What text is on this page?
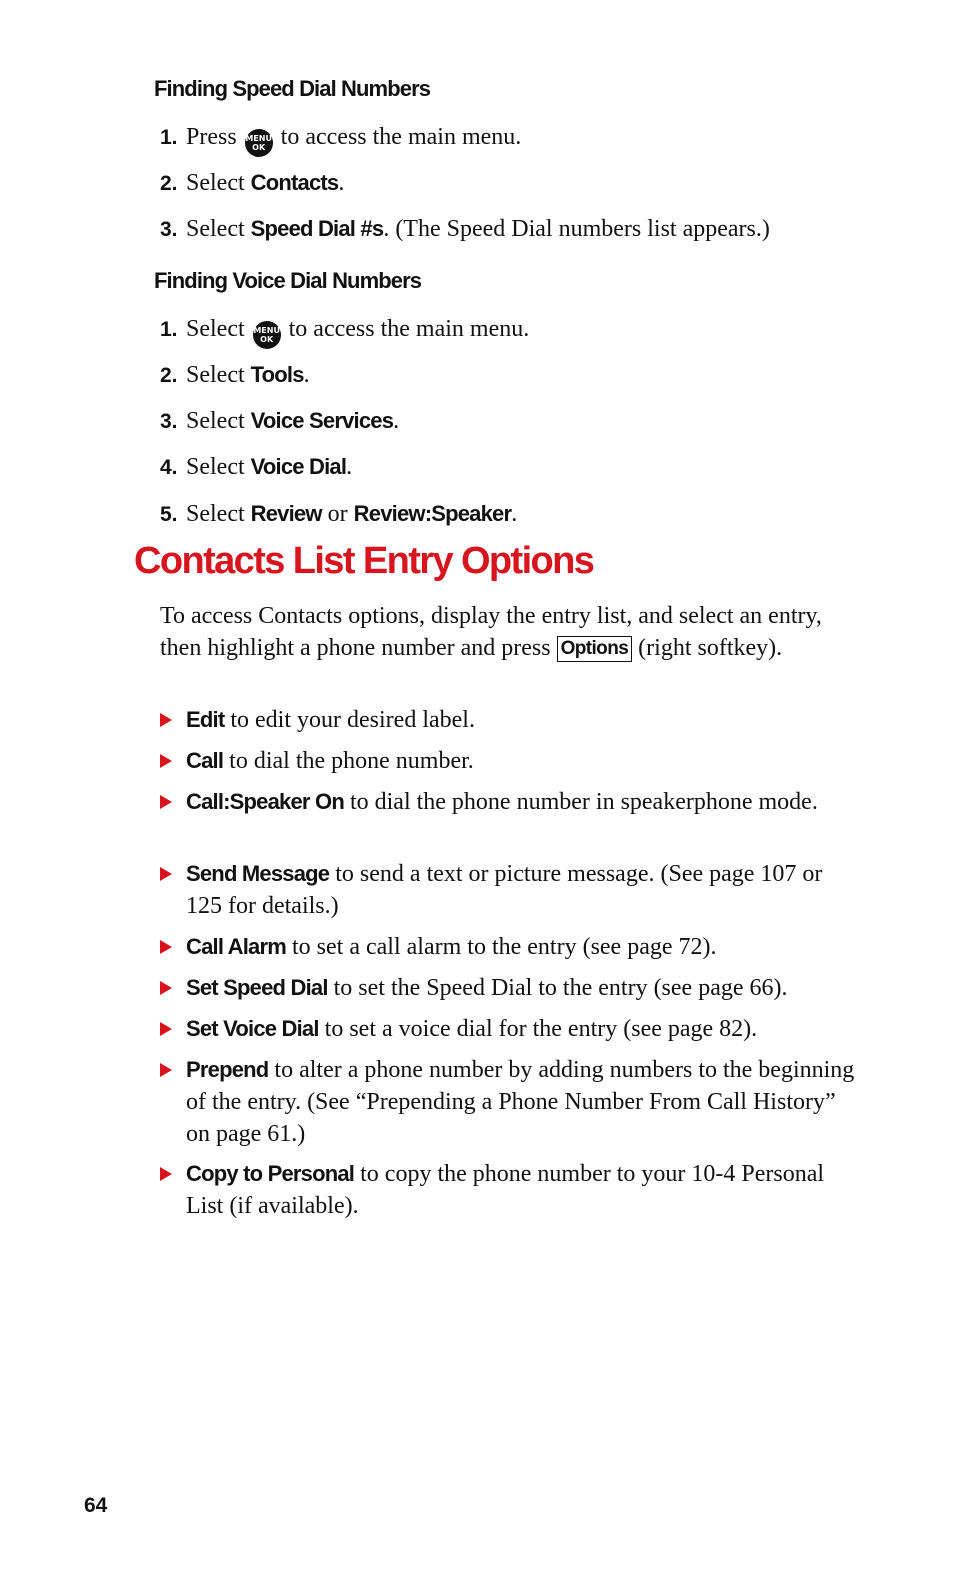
Finding Speed Dial Numbers

1. Press MENU
OK to access the main menu.

2. Select Contacts.

3. Select Speed Dial #s. (The Speed Dial numbers list appears.)

Finding Voice Dial Numbers

1. Select MENU
OK to access the main menu.

2. Select Tools.

3. Select Voice Services.

4. Select Voice Dial.

5. Select Review or Review:Speaker.

Contacts List Entry Options

To access Contacts options, display the entry list, and select an entry, then highlight a phone number and press Options (right softkey).

Edit to edit your desired label.

Call to dial the phone number.

Call:Speaker On to dial the phone number in speakerphone mode.

Send Message to send a text or picture message. (See page 107 or 125 for details.)

Call Alarm to set a call alarm to the entry (see page 72).

Set Speed Dial to set the Speed Dial to the entry (see page 66).

Set Voice Dial to set a voice dial for the entry (see page 82).

Prepend to alter a phone number by adding numbers to the beginning of the entry. (See “Prepending a Phone Number From Call History” on page 61.)

Copy to Personal to copy the phone number to your 10-4 Personal List (if available).

64
